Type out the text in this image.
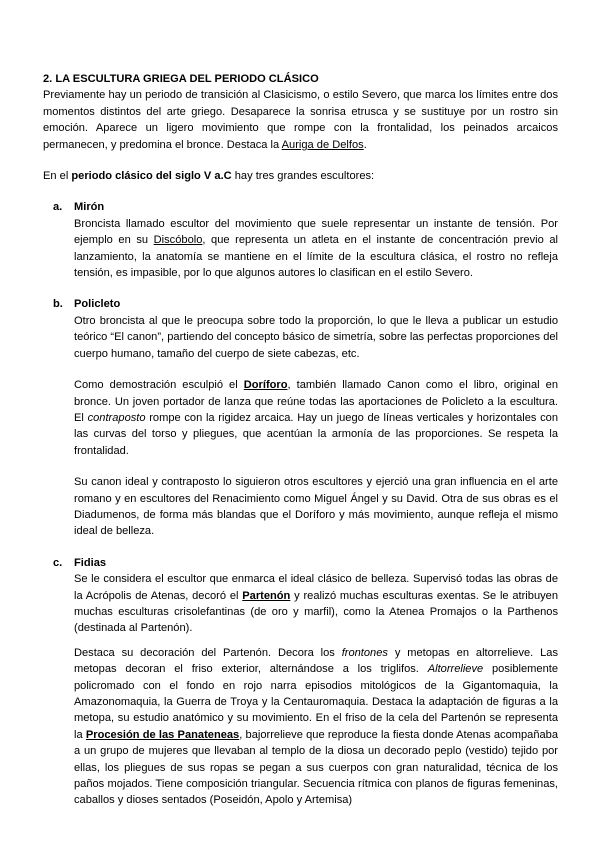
2. LA ESCULTURA GRIEGA DEL PERIODO CLÁSICO

Previamente hay un periodo de transición al Clasicismo, o estilo Severo, que marca los límites entre dos momentos distintos del arte griego. Desaparece la sonrisa etrusca y se sustituye por un rostro sin emoción. Aparece un ligero movimiento que rompe con la frontalidad, los peinados arcaicos permanecen, y predomina el bronce. Destaca la Auriga de Delfos.

En el periodo clásico del siglo V a.C hay tres grandes escultores:

a. Mirón

Broncista llamado escultor del movimiento que suele representar un instante de tensión. Por ejemplo en su Discóbolo, que representa un atleta en el instante de concentración previo al lanzamiento, la anatomía se mantiene en el límite de la escultura clásica, el rostro no refleja tensión, es impasible, por lo que algunos autores lo clasifican en el estilo Severo.

b. Policleto

Otro broncista al que le preocupa sobre todo la proporción, lo que le lleva a publicar un estudio teórico “El canon”, partiendo del concepto básico de simetría, sobre las perfectas proporciones del cuerpo humano, tamaño del cuerpo de siete cabezas, etc.

Como demostración esculpió el Doríforo, también llamado Canon como el libro, original en bronce. Un joven portador de lanza que reúne todas las aportaciones de Policleto a la escultura. El contraposto rompe con la rigidez arcaica. Hay un juego de líneas verticales y horizontales con las curvas del torso y pliegues, que acentúan la armonía de las proporciones. Se respeta la frontalidad.

Su canon ideal y contraposto lo siguieron otros escultores y ejerció una gran influencia en el arte romano y en escultores del Renacimiento como Miguel Ángel y su David. Otra de sus obras es el Diadumenos, de forma más blandas que el Doríforo y más movimiento, aunque refleja el mismo ideal de belleza.

c. Fidias

Se le considera el escultor que enmarca el ideal clásico de belleza. Supervisó todas las obras de la Acrópolis de Atenas, decoró el Partenón y realizó muchas esculturas exentas. Se le atribuyen muchas esculturas crisolefantinas (de oro y marfil), como la Atenea Promajos o la Parthenos (destinada al Partenón).

Destaca su decoración del Partenón. Decora los frontones y metopas en altorrelieve. Las metopas decoran el friso exterior, alternándose a los triglifos. Altorrelieve posiblemente policromado con el fondo en rojo narra episodios mitológicos de la Gigantomaquia, la Amazonomaquia, la Guerra de Troya y la Centauromaquia. Destaca la adaptación de figuras a la metopa, su estudio anatómico y su movimiento. En el friso de la cela del Partenón se representa la Procesión de las Panateneas, bajorrelieve que reproduce la fiesta donde Atenas acompañaba a un grupo de mujeres que llevaban al templo de la diosa un decorado peplo (vestido) tejido por ellas, los pliegues de sus ropas se pegan a sus cuerpos con gran naturalidad, técnica de los paños mojados. Tiene composición triangular. Secuencia rítmica con planos de figuras femeninas, caballos y dioses sentados (Poseidón, Apolo y Artemisa)
